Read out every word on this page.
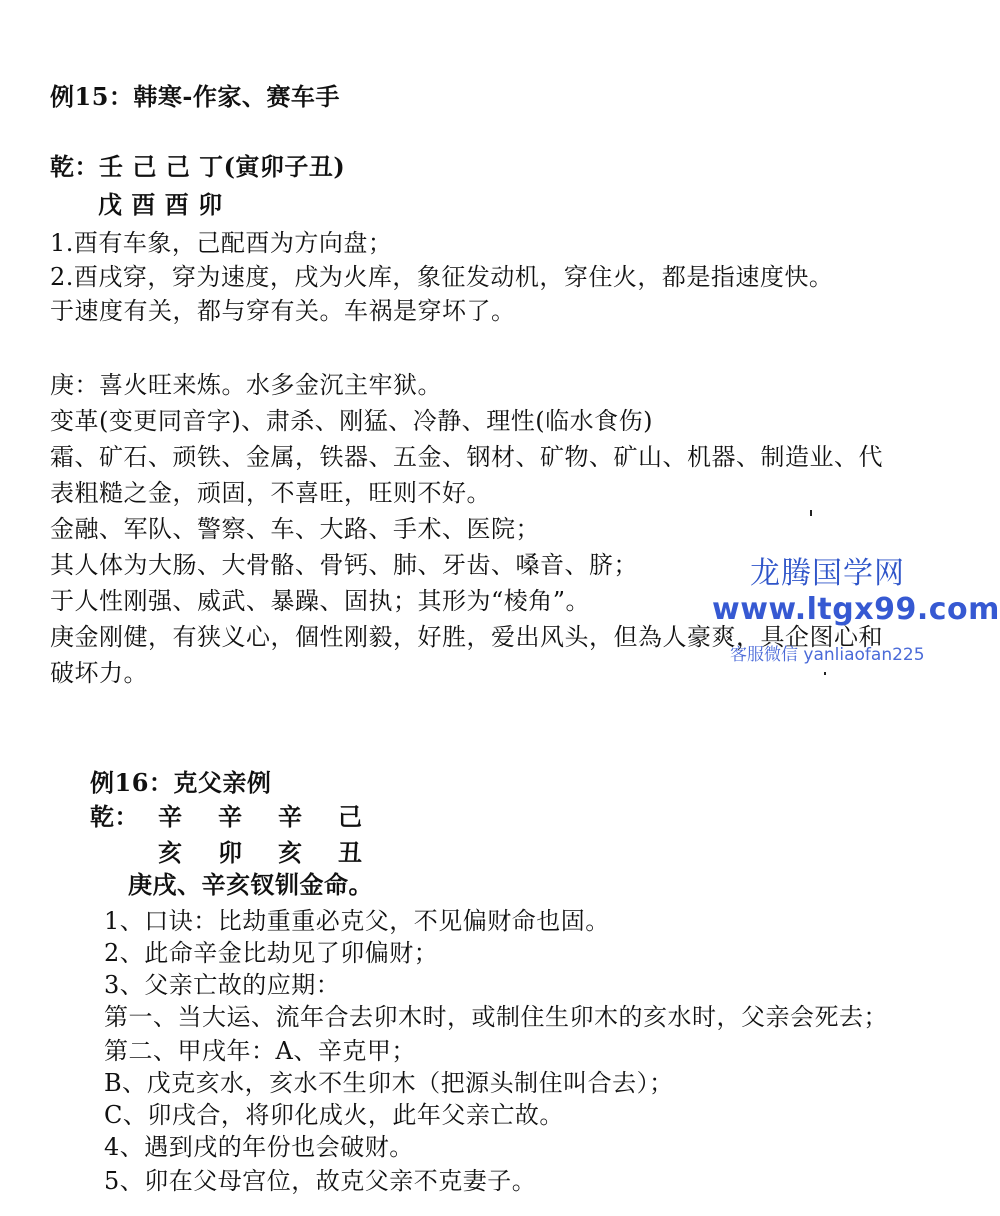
例15：韩寒-作家、赛车手
乾：壬 己 己 丁(寅卯子丑)
戊 酉 酉 卯
1.酉有车象，己配酉为方向盘；
2.酉戌穿，穿为速度，戌为火库，象征发动机，穿住火，都是指速度快。
于速度有关，都与穿有关。车祸是穿坏了。
庚：喜火旺来炼。水多金沉主牢狱。
变革(变更同音字)、肃杀、刚猛、冷静、理性(临水食伤)
霜、矿石、顽铁、金属，铁器、五金、钢材、矿物、矿山、机器、制造业、代
表粗糙之金，顽固，不喜旺，旺则不好。
金融、军队、警察、车、大路、手术、医院；
其人体为大肠、大骨骼、骨钙、肺、牙齿、嗓音、脐；
于人性刚强、威武、暴躁、固执；其形为“棱角”。
庚金刚健，有狭义心，個性刚毅，好胜，爱出风头，但為人豪爽，具企图心和
破坏力。
例16：克父亲例
乾： 辛　辛　辛　己
亥　卯　亥　丑
庚戌、辛亥钗钏金命。
1、口诀：比劫重重必克父，不见偏财命也固。
2、此命辛金比劫见了卯偏财；
3、父亲亡故的应期：
第一、当大运、流年合去卯木时，或制住生卯木的亥水时，父亲会死去；
第二、甲戌年：A、辛克甲；
B、戊克亥水，亥水不生卯木（把源头制住叫合去）；
C、卯戌合，将卯化成火，此年父亲亡故。
4、遇到戌的年份也会破财。
5、卯在父母宫位，故克父亲不克妻子。
龙腾国学网
www.ltgx99.com
客服微信 yanliaofan225
